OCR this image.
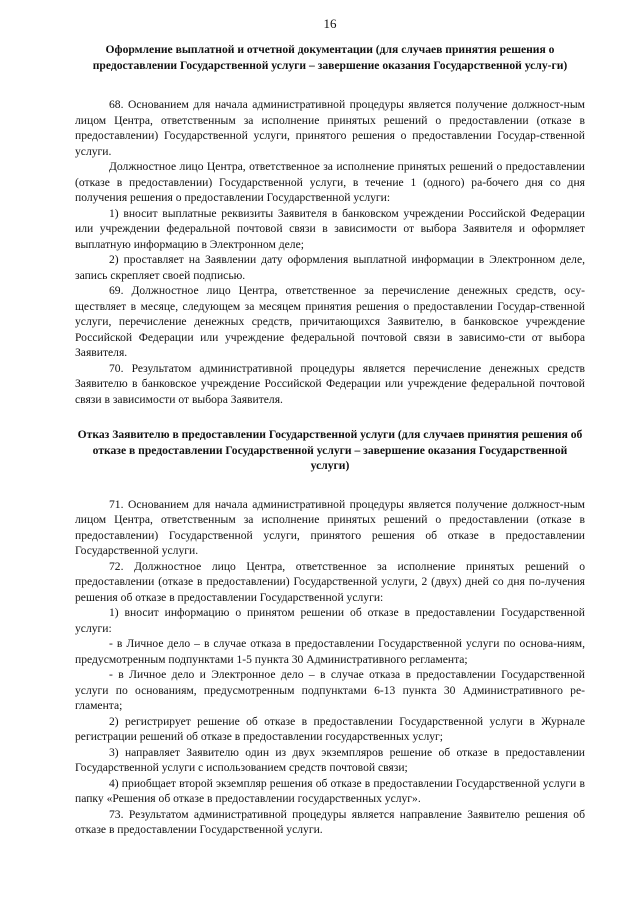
16

Оформление выплатной и отчетной документации (для случаев принятия решения о предоставлении Государственной услуги – завершение оказания Государственной услу-ги)

68. Основанием для начала административной процедуры является получение должност-ным лицом Центра, ответственным за исполнение принятых решений о предоставлении (отказе в предоставлении) Государственной услуги, принятого решения о предоставлении Государ-ственной услуги.

Должностное лицо Центра, ответственное за исполнение принятых решений о предоставлении (отказе в предоставлении) Государственной услуги, в течение 1 (одного) ра-бочего дня со дня получения решения о предоставлении Государственной услуги:

1) вносит выплатные реквизиты Заявителя в банковском учреждении Российской Федерации или учреждении федеральной почтовой связи в зависимости от выбора Заявителя и оформляет выплатную информацию в Электронном деле;

2) проставляет на Заявлении дату оформления выплатной информации в Электронном деле, запись скрепляет своей подписью.

69. Должностное лицо Центра, ответственное за перечисление денежных средств, осу-ществляет в месяце, следующем за месяцем принятия решения о предоставлении Государ-ственной услуги, перечисление денежных средств, причитающихся Заявителю, в банковское учреждение Российской Федерации или учреждение федеральной почтовой связи в зависимо-сти от выбора Заявителя.

70. Результатом административной процедуры является перечисление денежных средств Заявителю в банковское учреждение Российской Федерации или учреждение федеральной почтовой связи в зависимости от выбора Заявителя.

Отказ Заявителю в предоставлении Государственной услуги (для случаев принятия решения об отказе в предоставлении Государственной услуги – завершение оказания Государственной услуги)

71. Основанием для начала административной процедуры является получение должност-ным лицом Центра, ответственным за исполнение принятых решений о предоставлении (отказе в предоставлении) Государственной услуги, принятого решения об отказе в предоставлении Государственной услуги.

72. Должностное лицо Центра, ответственное за исполнение принятых решений о предоставлении (отказе в предоставлении) Государственной услуги, 2 (двух) дней со дня по-лучения решения об отказе в предоставлении Государственной услуги:

1) вносит информацию о принятом решении об отказе в предоставлении Государственной услуги:

- в Личное дело – в случае отказа в предоставлении Государственной услуги по основа-ниям, предусмотренным подпунктами 1-5 пункта 30 Административного регламента;

- в Личное дело и Электронное дело – в случае отказа в предоставлении Государственной услуги по основаниям, предусмотренным подпунктами 6-13 пункта 30 Административного ре-гламента;

2) регистрирует решение об отказе в предоставлении Государственной услуги в Журнале регистрации решений об отказе в предоставлении государственных услуг;

3) направляет Заявителю один из двух экземпляров решение об отказе в предоставлении Государственной услуги с использованием средств почтовой связи;

4) приобщает второй экземпляр решения об отказе в предоставлении Государственной услуги в папку «Решения об отказе в предоставлении государственных услуг».

73. Результатом административной процедуры является направление Заявителю решения об отказе в предоставлении Государственной услуги.
